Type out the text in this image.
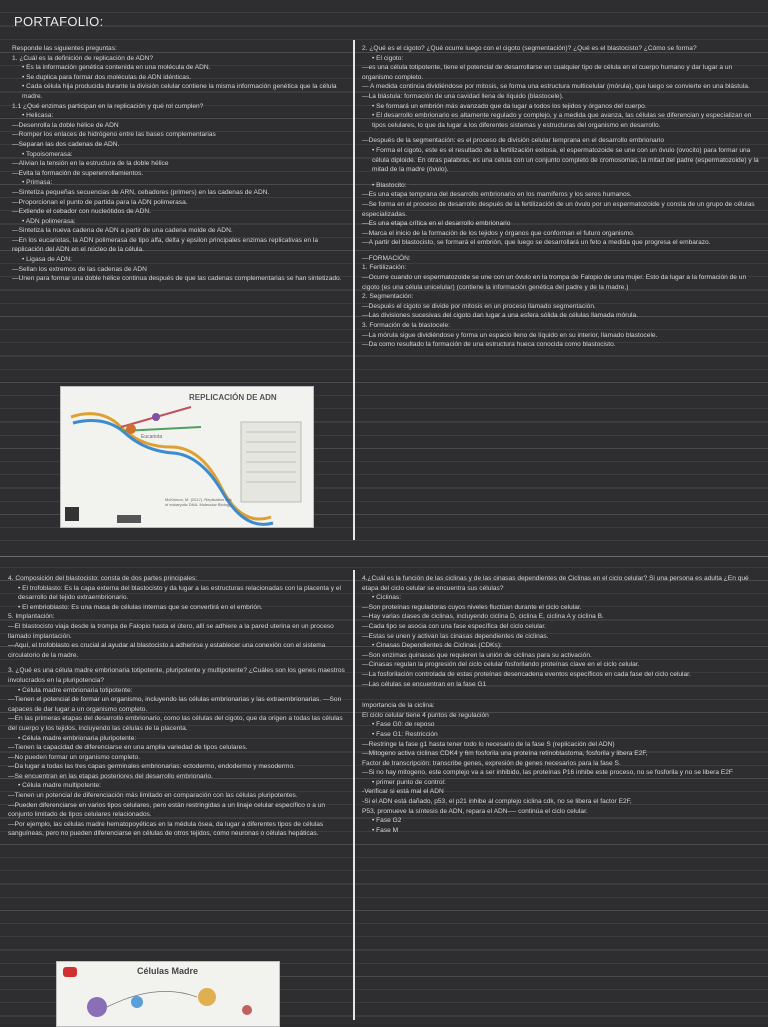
PORTAFOLIO:

Responde las siguientes preguntas:

1. ¿Cuál es la definición de replicación de ADN?

• Es la información genética contenida en una molécula de ADN.

• Se duplica para formar dos moléculas de ADN idénticas.

• Cada célula hija producida durante la división celular contiene la misma información genética que la célula madre.

1.1 ¿Qué enzimas participan en la replicación y qué rol cumplen?

• Helicasa:

—Desenrolla la doble hélice de ADN

—Romper los enlaces de hidrógeno entre las bases complementarias

—Separan las dos cadenas de ADN.

• Topoisomerasa:

—Alivian la tensión en la estructura de la doble hélice

—Evita la formación de superenrollamientos.

• Primasa:

—Sintetiza pequeñas secuencias de ARN, cebadores (primers) en las cadenas de ADN.

—Proporcionan el punto de partida para la ADN polimerasa.

—Extiende el cebador con nucleótidos de ADN.

• ADN polimerasa:

—Sintetiza la nueva cadena de ADN a partir de una cadena molde de ADN.

—En los eucariotas, la ADN polimerasa de tipo alfa, delta y epsilon principales enzimas replicativas en la replicación del ADN en el núcleo de la célula.

• Ligasa de ADN:

—Sellan los extremos de las cadenas de ADN

—Unen para formar una doble hélice continua después de que las cadenas complementarias se han sintetizado.

REPLICACIÓN DE ADN
Eucariota
McKinnon, M. (2017). Replication fork of eukaryotic DNA. Molecular Biology.

2. ¿Qué es el cigoto? ¿Qué ocurre luego con el cigoto (segmentación)? ¿Qué es el blastocisto? ¿Cómo se forma?

• El cigoto:

—es una célula totipotente, tiene el potencial de desarrollarse en cualquier tipo de célula en el cuerpo humano y dar lugar a un organismo completo.

— A medida continúa dividiéndose por mitosis, se forma una estructura multicelular (mórula), que luego se convierte en una blástula.

—La blástula: formación de una cavidad llena de líquido (blastocele).

• Se formará un embrión más avanzado que da lugar a todos los tejidos y órganos del cuerpo.

• El desarrollo embrionario es altamente regulado y complejo, y a medida que avanza, las células se diferencian y especializan en tipos celulares, lo que da lugar a los diferentes sistemas y estructuras del organismo en desarrollo.

—Después de la segmentación: es el proceso de división celular temprana en el desarrollo embrionario

• Forma el cigoto, este es el resultado de la fertilización exitosa, el espermatozoide se une con un óvulo (ovocito) para formar una célula diploide. En otras palabras, es una célula con un conjunto completo de cromosomas, la mitad del padre (espermatozoide) y la mitad de la madre (óvulo).

• Blastocito:

—Es una etapa temprana del desarrollo embrionario en los mamíferos y los seres humanos.

—Se forma en el proceso de desarrollo después de la fertilización de un óvulo por un espermatozoide y consta de un grupo de células especializadas.

—Es una etapa crítica en el desarrollo embrionario

—Marca el inicio de la formación de los tejidos y órganos que conforman el futuro organismo.

—A partir del blastocisto, se formará el embrión, que luego se desarrollará un feto a medida que progresa el embarazo.

—FORMACIÓN:

1. Fertilización:

—Ocurre cuando un espermatozoide se une con un óvulo en la trompa de Falopio de una mujer. Esto da lugar a la formación de un cigoto (es una célula unicelular) (contiene la información genética del padre y de la madre.)

2. Segmentación:

—Después el cigoto se divide por mitosis en un proceso llamado segmentación.

—Las divisiones sucesivas del cigoto dan lugar a una esfera sólida de células llamada mórula.

3. Formación de la blastocele:

—La mórula sigue dividiéndose y forma un espacio lleno de líquido en su interior, llamado blastocele.

—Da como resultado la formación de una estructura hueca conocida como blastocisto.

4. Composición del blastocisto: consta de dos partes principales:

• El trofoblasto: Es la capa externa del blastocisto y da lugar a las estructuras relacionadas con la placenta y el desarrollo del tejido extraembrionario.

• El embrioblasto: Es una masa de células internas que se convertirá en el embrión.

5. Implantación:

—El blastocisto viaja desde la trompa de Falopio hasta el útero, allí se adhiere a la pared uterina en un proceso llamado implantación.

—Aquí, el trofoblasto es crucial al ayudar al blastocisto a adherirse y establecer una conexión con el sistema circulatorio de la madre.

3. ¿Qué es una célula madre embrionaria totipotente, pluripotente y multipotente? ¿Cuáles son los genes maestros involucrados en la pluripotencia?

• Célula madre embrionaria totipotente:

—Tienen el potencial de formar un organismo, incluyendo las células embrionarias y las extraembrionarias. —Son capaces de dar lugar a un organismo completo.

—En las primeras etapas del desarrollo embrionario, como las células del cigoto, que da origen a todas las células del cuerpo y los tejidos, incluyendo las células de la placenta.

• Célula madre embrionaria pluripotente:

—Tienen la capacidad de diferenciarse en una amplia variedad de tipos celulares.

—No pueden formar un organismo completo.

—Da lugar a todas las tres capas germinales embrionarias: ectodermo, endodermo y mesodermo.

—Se encuentran en las etapas posteriores del desarrollo embrionario.

• Célula madre multipotente:

—Tienen un potencial de diferenciación más limitado en comparación con las células pluripotentes.

—Pueden diferenciarse en varios tipos celulares, pero están restringidas a un linaje celular específico o a un conjunto limitado de tipos celulares relacionados.

—Por ejemplo, las células madre hematopoyéticas en la médula ósea, da lugar a diferentes tipos de células sanguíneas, pero no pueden diferenciarse en células de otros tejidos, como neuronas o células hepáticas.

Células Madre

4.¿Cuál es la función de las ciclinas y de las cinasas dependientes de Ciclinas en el ciclo celular? Si una persona es adulta ¿En qué etapa del ciclo celular se encuentra sus células?

• Ciclinas:

—Son proteínas reguladoras cuyos niveles fluctúan durante el ciclo celular.

—Hay varias clases de ciclinas, incluyendo ciclina D, ciclina E, ciclina A y ciclina B.

—Cada tipo se asocia con una fase específica del ciclo celular.

—Estas se unen y activan las cinasas dependientes de ciclinas.

• Cinasas Dependientes de Ciclinas (CDKs):

—Son enzimas quinasas que requieren la unión de ciclinas para su activación.

—Cinasas regulan la progresión del ciclo celular fosforilando proteínas clave en el ciclo celular.

—La fosforilación controlada de estas proteínas desencadena eventos específicos en cada fase del ciclo celular.

—Las células se encuentran en la fase G1

Importancia de la ciclina:

El ciclo celular tiene 4 puntos de regulación

• Fase G0: de reposo

• Fase G1: Restricción

—Restringe la fase g1 hasta tener todo lo necesario de la fase S (replicación del ADN)

—Mitogeno activa ciclinas CDK4 y 6m fosforila una proteína retinoblastoma, fosforila y libera E2F,

Factor de transcripción: transcribe genes, expresión de genes necesarios para la fase S.

—Si no hay mitogeno, este complejo va a ser inhibido, las proteínas P16 inhibe este proceso, no se fosforila y no se libera E2F

• primer punto de control:

-Verificar si está mal el ADN

-Si el ADN está dañado, p53, el p21 inhibe al complejo ciclina cdk, no se libera el factor E2F,

P53, promueve la síntesis de ADN, repara el ADN—- continúa el ciclo celular.

• Fase G2

• Fase M
